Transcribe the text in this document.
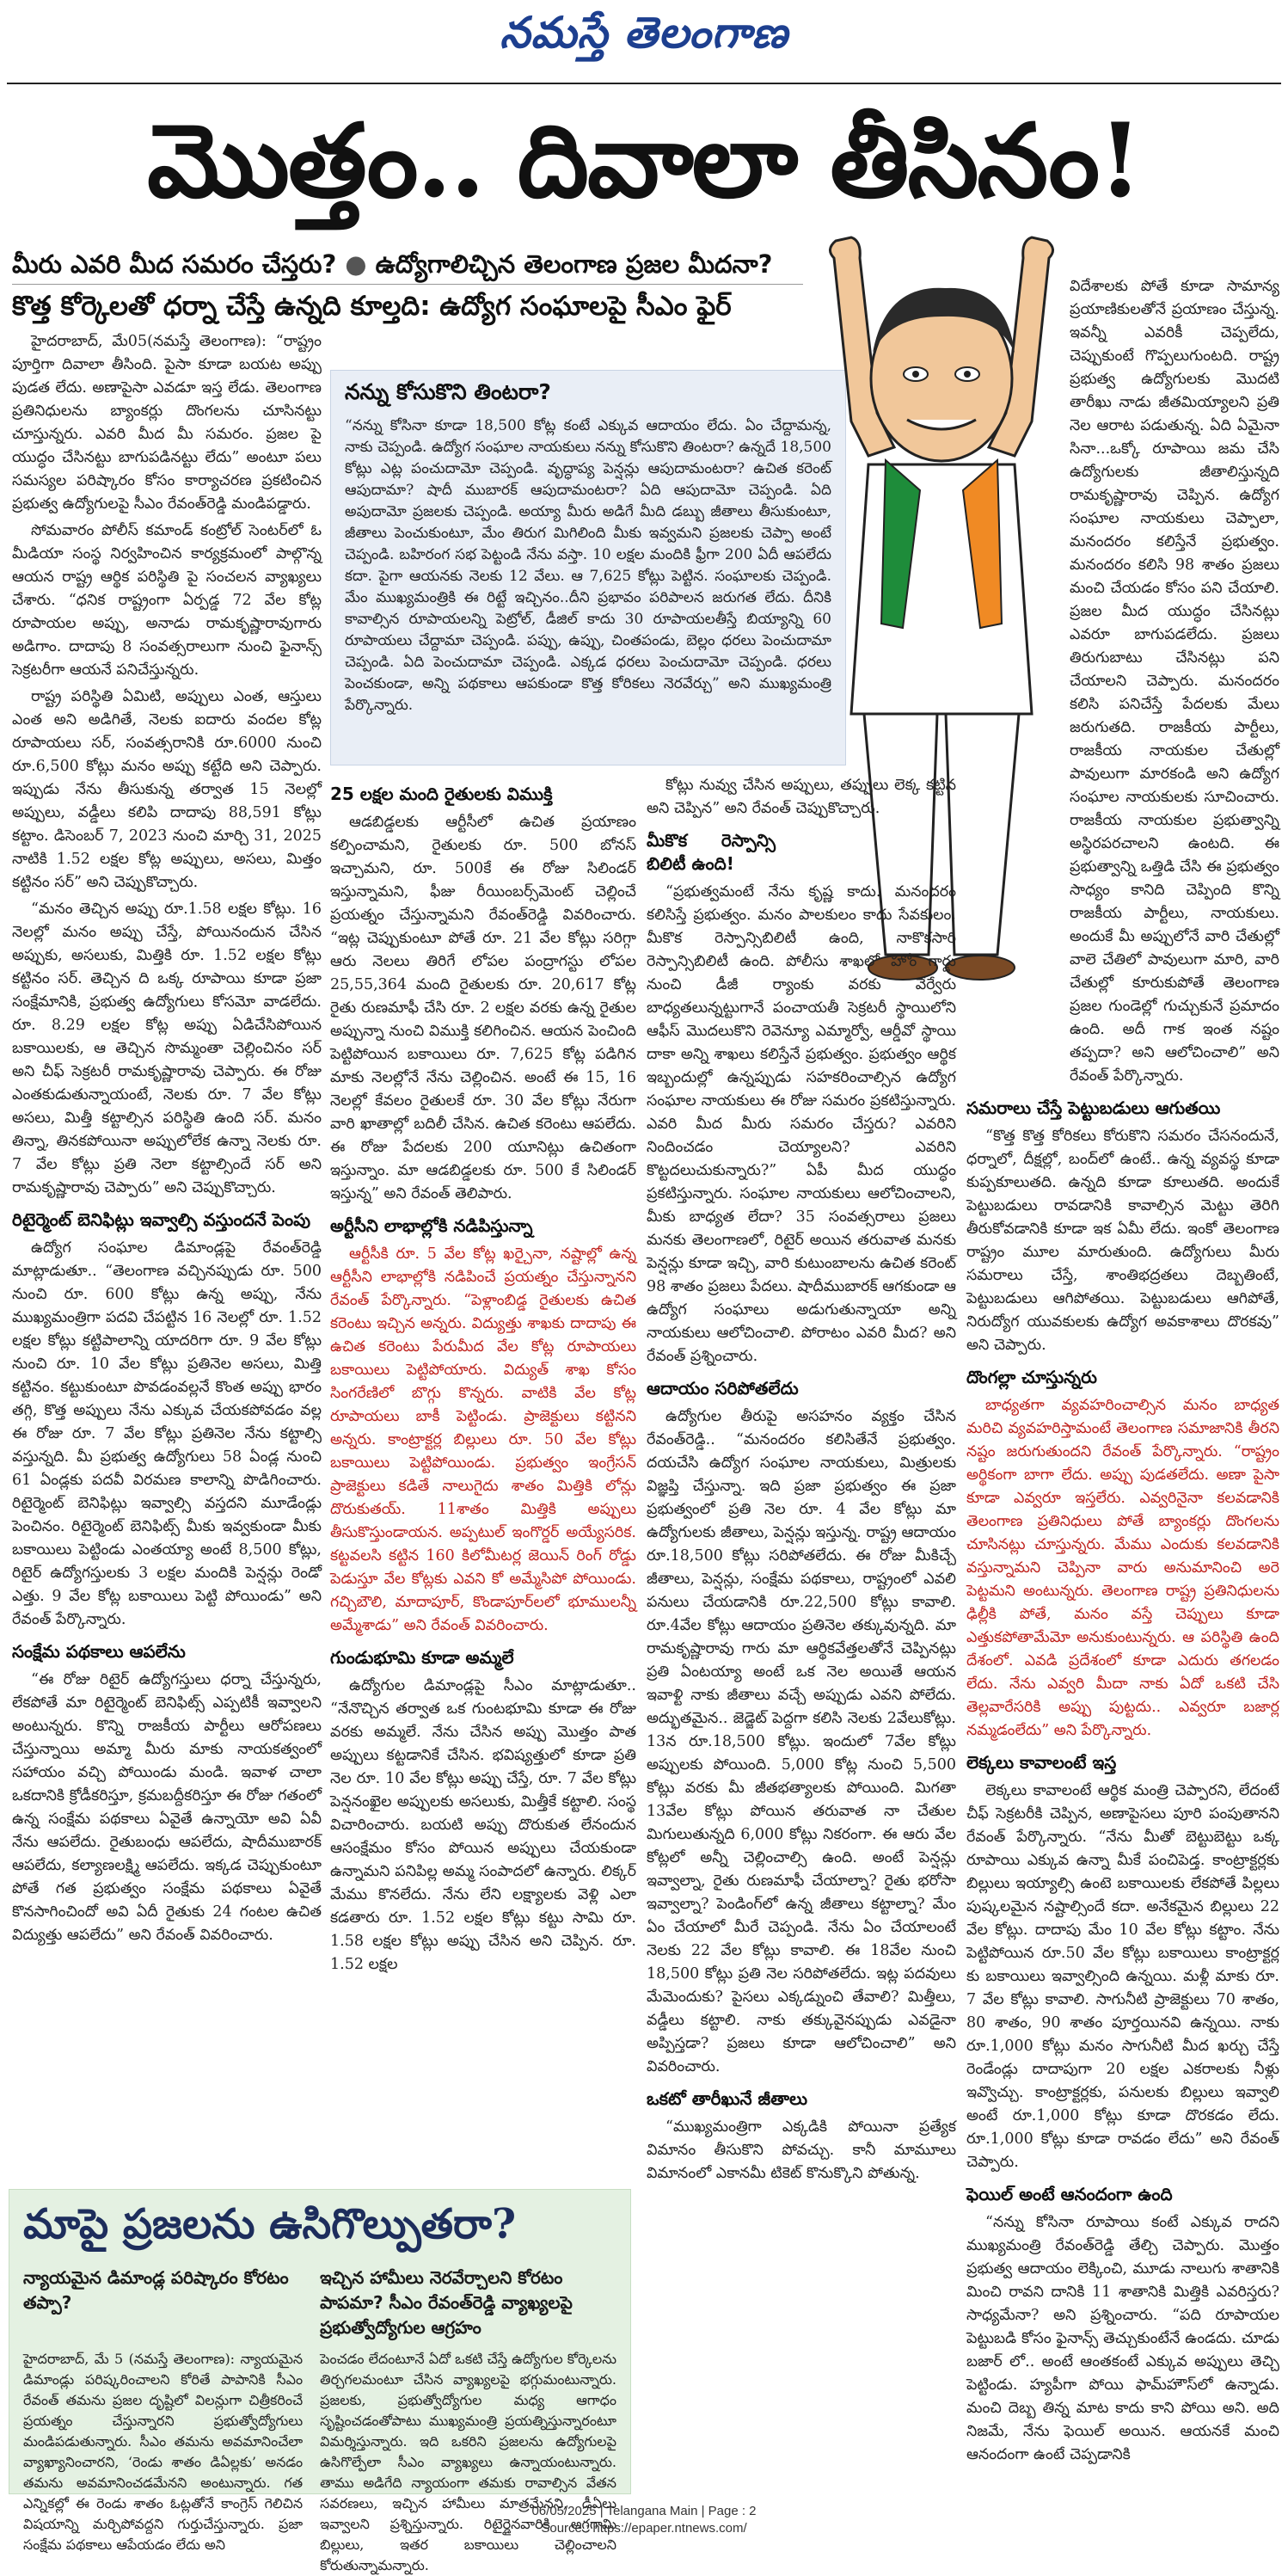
నమస్తే తెలంగాణ
మొత్తం.. దివాలా తీసినం!
మీరు ఎవరి మీద సమరం చేస్తరు? ● ఉద్యోగాలిచ్చిన తెలంగాణ ప్రజల మీదనా?
కొత్త కోర్కెలతో ధర్నా చేస్తే ఉన్నది కూల్తది: ఉద్యోగ సంఘాలపై సీఎం ఫైర్

హైదరాబాద్, మే05(నమస్తే తెలంగాణ): “రాష్ట్రం పూర్తిగా దివాలా తీసింది. పైసా కూడా బయట అప్పు పుడత లేదు. అణాపైసా ఎవడూ ఇస్త లేడు. తెలంగాణ ప్రతినిధులను బ్యాంకర్లు దొంగలను చూసినట్టు చూస్తున్నరు. ఎవరి మీద మీ సమరం. ప్రజల పై యుద్ధం చేసినట్టు బాగుపడినట్టు లేదు” అంటూ పలు సమస్యల పరిష్కారం కోసం కార్యాచరణ ప్రకటించిన ప్రభుత్వ ఉద్యోగులపై సీఎం రేవంత్‌రెడ్డి మండిపడ్డారు.

సోమవారం పోలీస్ కమాండ్ కంట్రోల్ సెంటర్‌లో ఓ మీడియా సంస్థ నిర్వహించిన కార్యక్రమంలో పాల్గొన్న ఆయన రాష్ట్ర ఆర్థిక పరిస్థితి పై సంచలన వ్యాఖ్యలు చేశారు. “ధనిక రాష్ట్రంగా ఏర్పడ్డ 72 వేల కోట్ల రూపాయల అప్పు, అనాడు రామకృష్ణారావుగారు అడిగాం. దాదాపు 8 సంవత్సరాలుగా నుంచి ఫైనాన్స్ సెక్రటరీగా ఆయనే పనిచేస్తున్నరు.

రాష్ట్ర పరిస్థితి ఏమిటి, అప్పులు ఎంత, ఆస్తులు ఎంత అని అడిగితే, నెలకు ఐదారు వందల కోట్ల రూపాయలు సర్, సంవత్సరానికి రూ.6000 నుంచి రూ.6,500 కోట్లు మనం అప్పు కట్టేది అని చెప్పారు. ఇప్పుడు నేను తీసుకున్న తర్వాత 15 నెలల్లో అప్పులు, వడ్డీలు కలిపి దాదాపు 88,591 కోట్లు కట్టాం. డిసెంబర్ 7, 2023 నుంచి మార్చి 31, 2025 నాటికి 1.52 లక్షల కోట్ల అప్పులు, అసలు, మిత్తం కట్టినం సర్” అని చెప్పుకొచ్చారు.

“మనం తెచ్చిన అప్పు రూ.1.58 లక్షల కోట్లు. 16 నెలల్లో మనం అప్పు చేస్తే, పోయినందున చేసిన అప్పుకు, అసలుకు, మిత్తికి రూ. 1.52 లక్షల కోట్లు కట్టినం సర్. తెచ్చిన ది ఒక్క రూపాయి కూడా ప్రజా సంక్షేమానికి, ప్రభుత్వ ఉద్యోగులు కోసమో వాడలేదు. రూ. 8.29 లక్షల కోట్ల అప్పు ఏడిచేసిపోయిన బకాయిలకు, ఆ తెచ్చిన సొమ్మంతా చెల్లించినం సర్ అని చీఫ్ సెక్రటరీ రామకృష్ణారావు చెప్పారు. ఈ రోజు ఎంతకుడుతున్నాయంటే, నెలకు రూ. 7 వేల కోట్లు అసలు, మిత్తీ కట్టాల్సిన పరిస్థితి ఉంది సర్. మనం తిన్నా, తినకపోయినా అప్పులోలేక ఉన్నా నెలకు రూ. 7 వేల కోట్లు ప్రతి నెలా కట్టాల్సిందే సర్ అని రామకృష్ణారావు చెప్పారు” అని చెప్పుకొచ్చారు.

రిటైర్మెంట్ బెనిఫిట్లు ఇవ్వాల్సి వస్తుందనే పెంపు

ఉద్యోగ సంఘాల డిమాండ్లపై రేవంత్‌రెడ్డి మాట్లాడుతూ.. “తెలంగాణ వచ్చినప్పుడు రూ. 500 నుంచి రూ. 600 కోట్లు ఉన్న అప్పు, నేను ముఖ్యమంత్రిగా పదవి చేపట్టిన 16 నెలల్లో రూ. 1.52 లక్షల కోట్లు కట్టిపాలాన్ని యాదరిగా రూ. 9 వేల కోట్లు నుంచి రూ. 10 వేల కోట్లు ప్రతినెల అసలు, మిత్తి కట్టినం. కట్టుకుంటూ పొవడంవల్లనే కొంత అప్పు భారం తగ్గి, కొత్త అప్పులు నేను ఎక్కువ చేయకపోవడం వల్ల ఈ రోజు రూ. 7 వేల కోట్లు ప్రతినెల నేను కట్టాల్సి వస్తున్నది. మీ ప్రభుత్వ ఉద్యోగులు 58 ఏండ్ల నుంచి 61 ఏండ్లకు పదవీ విరమణ కాలాన్ని పొడిగించారు. రిటైర్మెంట్ బెనిఫిట్లు ఇవ్వాల్సి వస్తదని మూడేండ్లు పెంచినం. రిటైర్మెంట్ బెనిఫిట్స్ మీకు ఇవ్వకుండా మీకు బకాయిలు పెట్టిండు ఎంతయ్యా అంటే 8,500 కోట్లు, రిటైర్ ఉద్యోగస్తులకు 3 లక్షల మందికి పెన్షన్లు రెండో ఎత్తు. 9 వేల కోట్ల బకాయిలు పెట్టి పోయిండు” అని రేవంత్ పేర్కొన్నారు.

సంక్షేమ పథకాలు ఆపలేను

“ఈ రోజు రిటైర్ ఉద్యోగస్తులు ధర్నా చేస్తున్నరు, లేకపోతే మా రిటైర్మెంట్ బెనిఫిట్స్ ఎప్పటికీ ఇవ్వాలని అంటున్నరు. కొన్ని రాజకీయ పార్టీలు ఆరోపణలు చేస్తున్నాయి అమ్మా మీరు మాకు నాయకత్వంలో సహాయం వచ్చి పోయిండు మండి. ఇవాళ చాలా ఒకదానికి క్రోడీకరిస్తూ, క్రమబద్దీకరిస్తూ ఈ రోజు గతంలో ఉన్న సంక్షేమ పథకాలు ఏవైతే ఉన్నాయో అవి ఏవీ నేను ఆపలేదు. రైతుబంధు ఆపలేదు, షాదీముబారక్ ఆపలేదు, కల్యాణలక్ష్మి ఆపలేదు. ఇక్కడ చెప్పుకుంటూ పోతే గత ప్రభుత్వం సంక్షేమ పథకాలు ఏవైతే కొనసాగించిందో అవి ఏదీ రైతుకు 24 గంటల ఉచిత విద్యుత్తు ఆపలేదు” అని రేవంత్ వివరించారు.

నన్ను కోసుకొని తింటరా?
“నన్ను కోసినా కూడా 18,500 కోట్ల కంటే ఎక్కువ ఆదాయం లేదు. ఏం చేద్దామన్న, నాకు చెప్పండి. ఉద్యోగ సంఘాల నాయకులు నన్ను కోసుకొని తింటరా? ఉన్నదే 18,500 కోట్లు ఎట్ల పంచుదామో చెప్పండి. వృద్ధాప్య పెన్షన్లు ఆపుదామంటరా? ఉచిత కరెంట్ ఆపుదామా? షాదీ ముబారక్ ఆపుదామంటరా? ఏది ఆపుదామో చెప్పండి. ఏది అపుదామో ప్రజలకు చెప్పండి. అయ్యా మీరు అడిగే మీది డబ్బు జీతాలు తీసుకుంటూ, జీతాలు పెంచుకుంటూ, మేం తిరుగ మిగిలింది మీకు ఇవ్వమని ప్రజలకు చెప్పా అంటే చెప్పండి. బహిరంగ సభ పెట్టండి నేను వస్తా. 10 లక్షల మందికి ఫ్రీగా 200 ఏదీ ఆపలేదు కదా. పైగా ఆయనకు నెలకు 12 వేలు. ఆ 7,625 కోట్లు పెట్టిన. సంఘాలకు చెప్పండి. మేం ముఖ్యమంత్రికి ఈ రిట్టే ఇచ్చినం..దీని ప్రభావం పరిపాలన జరుగత లేదు. దీనికి కావాల్సిన రూపాయలన్ని పెట్రోల్, డీజిల్ కాదు 30 రూపాయలతీస్తే బియ్యాన్ని 60 రూపాయలు చేద్దామా చెప్పండి. పప్పు, ఉప్పు, చింతపండు, బెల్లం ధరలు పెంచుదామా చెప్పండి. ఏది పెంచుదామా చెప్పండి. ఎక్కడ ధరలు పెంచుదామో చెప్పండి. ధరలు పెంచకుండా, అన్ని పథకాలు ఆపకుండా కొత్త కోరికలు నెరవేర్చు” అని ముఖ్యమంత్రి పేర్కొన్నారు.
25 లక్షల మంది రైతులకు విముక్తి

ఆడబిడ్డలకు ఆర్టీసీలో ఉచిత ప్రయాణం కల్పించామని, రైతులకు రూ. 500 బోనస్ ఇచ్చామని, రూ. 500కే ఈ రోజు సిలిండర్ ఇస్తున్నామని, ఫీజు రీయింబర్స్‌మెంట్ చెల్లించే ప్రయత్నం చేస్తున్నామని రేవంత్‌రెడ్డి వివరించారు. “ఇట్ల చెప్పుకుంటూ పోతే రూ. 21 వేల కోట్లు సరిగ్గా ఆరు నెలలు తిరిగే లోపల పంద్రాగస్టు లోపల 25,55,364 మంది రైతులకు రూ. 20,617 కోట్ల రైతు రుణమాఫీ చేసి రూ. 2 లక్షల వరకు ఉన్న రైతుల అప్పున్నా నుంచి విముక్తి కలిగించిన. ఆయన పెంచింది పెట్టిపోయిన బకాయిలు రూ. 7,625 కోట్ల పడిగిన మాకు నెలల్లోనే నేను చెల్లించిన. అంటే ఈ 15, 16 నెలల్లో కేవలం రైతులకే రూ. 30 వేల కోట్లు నేరుగా వారి ఖాతాల్లో బదిలీ చేసిన. ఉచిత కరెంటు ఆపలేదు. ఈ రోజు పేదలకు 200 యూనిట్లు ఉచితంగా ఇస్తున్నాం. మా ఆడబిడ్డలకు రూ. 500 కే సిలిండర్ ఇస్తున్న” అని రేవంత్ తెలిపారు.

అర్టీసీని లాభాల్లోకి నడిపిస్తున్నా

ఆర్టీసీకి రూ. 5 వేల కోట్ల ఖర్చైనా, నష్టాల్లో ఉన్న ఆర్టీసీని లాభాల్లోకి నడిపించే ప్రయత్నం చేస్తున్నానని రేవంత్ పేర్కొన్నారు. “పెళ్లాంబిడ్డ రైతులకు ఉచిత కరెంటు ఇచ్చిన అన్నరు. విద్యుత్తు శాఖకు దాదాపు ఈ ఉచిత కరెంటు పేరుమీద వేల కోట్ల రూపాయలు బకాయిలు పెట్టిపోయారు. విద్యుత్ శాఖ కోసం సింగరేణిలో బొగ్గు కొన్నరు. వాటికి వేల కోట్ల రూపాయలు బాకీ పెట్టిండు. ప్రాజెక్టులు కట్టినని అన్నరు. కాంట్రాక్టర్ల బిల్లులు రూ. 50 వేల కోట్లు బకాయిలు పెట్టిపోయిండు. ప్రభుత్వం ఇంగ్రేసన్ ప్రాజెక్టులు కడితే నాలుగైదు శాతం మిత్తికి లోన్లు దొరుకుతయ్. 11శాతం మిత్తికి అప్పులు తీసుకొస్తుండాయన. అప్పటుల్ ఇంగొర్డర్ అయ్యేసరిక. కట్టవలసి కట్టిన 160 కిలోమీటర్ల జెయిన్ రింగ్ రోడ్డు పెడుస్తూ వేల కోట్లకు ఎవని కో అమ్మేసిపో పోయిండు. గచ్చిబౌలి, మాదాపూర్, కొండాపూర్‌లలో భూములన్నీ అమ్మేశాడు” అని రేవంత్ వివరించారు.

గుండుభూమి కూడా అమ్మలే

ఉద్యోగుల డిమాండ్లపై సీఎం మాట్లాడుతూ.. “నేనొచ్చిన తర్వాత ఒక గుంటభూమి కూడా ఈ రోజు వరకు అమ్మలే. నేను చేసిన అప్పు మొత్తం పాత అప్పులు కట్టడానికే చేసిన. భవిష్యత్తులో కూడా ప్రతి నెల రూ. 10 వేల కోట్లు అప్పు చేస్తే, రూ. 7 వేల కోట్లు పెన్షనంఖైల అప్పులకు అసలుకు, మిత్తీకే కట్టాలి. సంస్థ విచారించారు. బయటి అప్పు దొరుకుత లేనందున ఆసంక్షేమం కోసం పోయిన అప్పులు చేయకుండా ఉన్నామని పనిపిల్ల అమ్మ సంపాదలో ఉన్నారు. లిక్కర్ మేము కొనలేదు. నేను లేని లక్ష్యాలకు వెళ్లి ఎలా కడతారు రూ. 1.52 లక్షల కోట్లు కట్టు సామి రూ. 1.58 లక్షల కోట్లు అప్పు చేసిన అని చెప్పిన. రూ. 1.52 లక్షల

కోట్లు నువ్వు చేసిన అప్పులు, తప్పులు లెక్క కట్టిన అని చెప్పిన” అని రేవంత్ చెప్పుకొచ్చారు.

మీకొక రెస్పాన్సి బిలిటీ ఉంది!

“ప్రభుత్వమంటే నేను కృష్ణ కాదు. మనందరం కలిసిస్తే ప్రభుత్వం. మనం పాలకులం కాదు సేవకులం, మీకొక రెస్పాన్సిబిలిటీ ఉంది, నాకొకసారి రెస్పాన్సిబిలిటీ ఉంది. పోలీసు శాఖలో హోం గార్డు నుంచి డీజీ ర్యాంకు వరకు వేర్వేరు బాధ్యతలున్నట్టుగానే పంచాయతీ సెక్రటరీ స్థాయిలోని ఆఫీస్ మొదలుకొని రెవెన్యూ ఎమ్మార్వో, ఆర్డీవో స్థాయి దాకా అన్ని శాఖలు కలిస్తేనే ప్రభుత్వం. ప్రభుత్వం ఆర్థిక ఇబ్బందుల్లో ఉన్నప్పుడు సహకరించాల్సిన ఉద్యోగ సంఘాల నాయకులు ఈ రోజు సమరం ప్రకటిస్తున్నారు. ఎవరి మీద మీరు సమరం చేస్తరు? ఎవరిని నిందించడం చెయ్యాలని? ఎవరిని కొట్టదలుచుకున్నారు?” ఏపీ మీద యుద్ధం ప్రకటిస్తున్నారు. సంఘాల నాయకులు ఆలోచించాలని, మీకు బాధ్యత లేదా? 35 సంవత్సరాలు ప్రజలు మనకు తెలంగాణలో, రిటైర్ అయిన తరువాత మనకు పెన్షన్లు కూడా ఇచ్చి, వారి కుటుంబాలను ఉచిత కరెంట్ 98 శాతం ప్రజలు పేదలు. షాదీముబారక్ ఆగకుండా ఆ ఉద్యోగ సంఘాలు అడుగుతున్నాయా అన్ని నాయకులు ఆలోచించాలి. పోరాటం ఎవరి మీద? అని రేవంత్ ప్రశ్నించారు.

ఆదాయం సరిపోతలేదు

ఉద్యోగుల తీరుపై అసహనం వ్యక్తం చేసిన రేవంత్‌రెడ్డి.. “మనందరం కలిసితేనే ప్రభుత్వం. దయచేసి ఉద్యోగ సంఘాల నాయకులు, మిత్రులకు విజ్ఞప్తి చేస్తున్నా. ఇది ప్రజా ప్రభుత్వం ఈ ప్రజా ప్రభుత్వంలో ప్రతి నెల రూ. 4 వేల కోట్లు మా ఉద్యోగులకు జీతాలు, పెన్షన్లు ఇస్తున్న. రాష్ట్ర ఆదాయం రూ.18,500 కోట్లు సరిపోతలేదు. ఈ రోజు మీకిచ్చే జీతాలు, పెన్షన్లు, సంక్షేమ పథకాలు, రాష్ట్రంలో ఎవలి పనులు చేయడానికి రూ.22,500 కోట్లు కావాలి. రూ.4వేల కోట్లు ఆదాయం ప్రతినెల తక్కువున్నది. మా రామకృష్ణారావు గారు మా ఆర్థికవేత్తలతోనే చెప్పినట్లు ప్రతి ఏంటయ్యా అంటే ఒక నెల అయితే ఆయన ఇవాళ్టి నాకు జీతాలు వచ్చే అప్పుడు ఎవని పోలేదు. అద్భుతమైన.. జెడ్జెట్ పెద్దగా కలిసి నెలకు 2వేలుకోట్లు. 13న రూ.18,500 కోట్లు. ఇందులో 7వేల కోట్లు అప్పులకు పోయింది. 5,000 కోట్ల నుంచి 5,500 కోట్లు వరకు మీ జీతభత్యాలకు పోయింది. మిగతా 13వేల కోట్లు పోయిన తరువాత నా చేతుల మిగులుతున్నది 6,000 కోట్లు నికరంగా. ఈ ఆరు వేల కోట్లలో అన్నీ చెల్లించాల్సి ఉంది. అంటే పెన్షన్లు ఇవ్వాల్నా, రైతు రుణమాఫీ చేయాల్నా? రైతు భరోసా ఇవ్వాల్నా? పెండింగ్‌లో ఉన్న జీతాలు కట్టాల్నా? మేం ఏం చేయాలో మీరే చెప్పండి. నేను ఏం చేయాలంటే నెలకు 22 వేల కోట్లు కావాలి. ఈ 18వేల నుంచి 18,500 కోట్లు ప్రతి నెల సరిపోతలేదు. ఇట్ల పదవులు మేమెందుకు? పైసలు ఎక్కడ్నుంచి తేవాలి? మిత్తీలు, వడ్డీలు కట్టాలి. నాకు తక్కువైనప్పుడు ఎవడైనా అప్పిస్తడా? ప్రజలు కూడా ఆలోచించాలి” అని వివరించారు.

ఒకటో తారీఖునే జీతాలు

“ముఖ్యమంత్రిగా ఎక్కడికి పోయినా ప్రత్యేక విమానం తీసుకొని పోవచ్చు. కానీ మామూలు విమానంలో ఎకానమీ టికెట్ కొనుక్కొని పోతున్న.

విదేశాలకు పోతే కూడా సామాన్య ప్రయాణికులతోనే ప్రయాణం చేస్తున్న. ఇవన్నీ ఎవరికీ చెప్పలేదు, చెప్పుకుంటే గొప్పలుగుంటది. రాష్ట్ర ప్రభుత్వ ఉద్యోగులకు మొదటి తారీఖు నాడు జీతమియ్యాలని ప్రతి నెల ఆరాట పడుతున్న. ఏది ఏమైనా సినా...ఒక్కో రూపాయి జమ చేసి ఉద్యోగులకు జీతాలిస్తున్నది రామకృష్ణారావు చెప్పిన. ఉద్యోగ సంఘాల నాయకులు చెప్పాలా, మనందరం కలిస్తేనే ప్రభుత్వం. మనందరం కలిసి 98 శాతం ప్రజలు మంచి చేయడం కోసం పని చేయాలి. ప్రజల మీద యుద్ధం చేసినట్లు ఎవరూ బాగుపడలేదు. ప్రజలు తిరుగుబాటు చేసినట్లు పని చేయాలని చెప్పారు. మనందరం కలిసి పనిచేస్తే పేదలకు మేలు జరుగుతది. రాజకీయ పార్టీలు, రాజకీయ నాయకుల చేతుల్లో పావులుగా మారకండి అని ఉద్యోగ సంఘాల నాయకులకు సూచించారు. రాజకీయ నాయకుల ప్రభుత్వాన్ని అస్థిరపరచాలని ఉంటది. ఈ ప్రభుత్వాన్ని ఒత్తిడి చేసి ఈ ప్రభుత్వం సాధ్యం కానిది చెప్పింది కొన్ని రాజకీయ పార్టీలు, నాయకులు. అందుకే మీ అప్పులోనే వారి చేతుల్లో వాలె చేతిలో పావులుగా మారి, వారి చేతుల్లో కూరుకుపోతే తెలంగాణ ప్రజల గుండెల్లో గుచ్చుకునే ప్రమాదం ఉంది. అదీ గాక ఇంత నష్టం తప్పదా? అని ఆలోచించాలి” అని రేవంత్ పేర్కొన్నారు.

సమరాలు చేస్తే పెట్టుబడులు ఆగుతయి

“కొత్త కొత్త కోరికలు కోరుకొని సమరం చేసనందునే, ధర్నాలో, దీక్షల్లో, బంద్‌లో ఉంటే.. ఉన్న వ్యవస్థ కూడా కుప్పకూలుతది. ఉన్నది కూడా కూలుతది. అందుకే పెట్టుబడులు రావడానికి కావాల్సిన మెట్టు తెరిగి తీరుకోవడానికి కూడా ఇక ఏమీ లేదు. ఇంకో తెలంగాణ రాష్ట్రం మూల మారుతుంది. ఉద్యోగులు మీరు సమరాలు చేస్తే, శాంతిభద్రతలు దెబ్బతింటే, పెట్టుబడులు ఆగిపోతయి. పెట్టుబడులు ఆగిపోతే, నిరుద్యోగ యువకులకు ఉద్యోగ అవకాశాలు దొరకవు” అని చెప్పారు.

దొంగల్లా చూస్తున్నరు

బాధ్యతగా వ్యవహరించాల్సిన మనం బాధ్యత మరిచి వ్యవహరిస్తామంటే తెలంగాణ సమాజానికి తీరని నష్టం జరుగుతుందని రేవంత్ పేర్కొన్నారు. “రాష్ట్రం అర్థికంగా బాగా లేదు. అప్పు పుడతలేదు. అణా పైసా కూడా ఎవ్వరూ ఇస్తలేరు. ఎవ్వరినైనా కలవడానికి తెలంగాణ ప్రతినిధులు పోతే బ్యాంకర్లు దొంగలను చూసినట్లు చూస్తున్నరు. మేము ఎందుకు కలవడానికి వస్తున్నామని చెప్పినా వారు అనుమానించి అరె పెట్టమని అంటున్నరు. తెలంగాణ రాష్ట్ర ప్రతినిధులను ఢిల్లీకి పోతే, మనం వస్తే చెప్పులు కూడా ఎత్తుకపోతామేమో అనుకుంటున్నరు. ఆ పరిస్థితి ఉంది దేశంలో. ఎవడి ప్రదేశంలో కూడా ఎదురు తగలడం లేదు. నేను ఎవ్వరి మీదా నాకు ఏదో ఒకటి చేసి తెల్లవారేసరికి అప్పు పుట్టదు.. ఎవ్వరూ బజార్ల నమ్మడంలేదు” అని పేర్కొన్నారు.

లెక్కలు కావాలంటే ఇస్త

లెక్కలు కావాలంటే ఆర్థిక మంత్రి చెప్పారని, లేదంటే చీఫ్ సెక్రటరీకి చెప్పిన, అణాపైసలు పూరి పంపుతానని రేవంత్ పేర్కొన్నారు. “నేను మీతో బెట్టుబెట్టు ఒక్క రూపాయి ఎక్కువ ఉన్నా మీకే పంచిపెడ్త. కాంట్రాక్టర్లకు బిల్లులు ఇయ్యాల్సి ఉంటె బకాయిలకు లేకపోతే పిల్లలు పుష్కలమైన నష్టాల్సిందే కదా. అనేకమైన బిల్లులు 22 వేల కోట్లు. దాదాపు మేం 10 వేల కోట్లు కట్టాం. నేను పెట్టిపోయిన రూ.50 వేల కోట్లు బకాయిలు కాంట్రాక్టర్ల కు బకాయిలు ఇవ్వాల్సింది ఉన్నయి. మళ్లీ మాకు రూ. 7 వేల కోట్లు కావాలి. సాగునీటి ప్రాజెక్టులు 70 శాతం, 80 శాతం, 90 శాతం పూర్తయినవి ఉన్నయి. నాకు రూ.1,000 కోట్లు మనం సాగునీటి మీద ఖర్చు చేస్తే రెండేండ్లు దాదాపుగా 20 లక్షల ఎకరాలకు నీళ్లు ఇవ్వొచ్చు. కాంట్రాక్టర్లకు, పనులకు బిల్లులు ఇవ్వాలి అంటే రూ.1,000 కోట్లు కూడా దొరకడం లేదు. రూ.1,000 కోట్లు కూడా రావడం లేదు” అని రేవంత్ చెప్పారు.

ఫెయిల్ అంటే ఆనందంగా ఉంది

“నన్ను కోసినా రూపాయి కంటే ఎక్కువ రాదని ముఖ్యమంత్రి రేవంత్‌రెడ్డి తేల్చి చెప్పారు. మొత్తం ప్రభుత్వ ఆదాయం లెక్కించి, మూడు నాలుగు శాతానికి మించి రావని దానికి 11 శాతానికి మిత్తికి ఎవరిస్తరు? సాధ్యమేనా? అని ప్రశ్నించారు. “పది రూపాయల పెట్టుబడి కోసం ఫైనాన్స్ తెచ్చుకుంటేనే ఉండదు. చూడు బజార్ లో.. అంటే ఆంతకంటే ఎక్కువ అప్పులు తెచ్చి పెట్టిండు. హ్యపీగా పోయి ఫామ్‌హౌస్‌లో ఉన్నాడు. మంచి దెబ్బ తిన్న మాట కాదు కాని పోయి అని. అది నిజమే, నేను ఫెయిల్ అయిన. ఆయనకే మంచి ఆనందంగా ఉంటే చెప్పడానికి

మాపై ప్రజలను ఉసిగొల్పుతరా?
న్యాయమైన డిమాండ్ల పరిష్కారం కోరటం తప్పా?
ఇచ్చిన హామీలు నెరవేర్చాలని కోరటం పాపమా? సీఎం రేవంత్‌రెడ్డి వ్యాఖ్యలపై ప్రభుత్వోద్యోగుల ఆగ్రహం
హైదరాబాద్, మే 5 (నమస్తే తెలంగాణ): న్యాయమైన డిమాండ్లు పరిష్కరించాలని కోరితే పాపానికి సీఎం రేవంత్ తమను ప్రజల దృష్టిలో విలన్లుగా చిత్రీకరించే ప్రయత్నం చేస్తున్నారని ప్రభుత్వోద్యోగులు మండిపడుతున్నారు. సీఎం తమను అవమానించేలా వ్యాఖ్యానించారని, ‘రెండు శాతం డిఏల్లకు’ అనడం తమను అవమానించడమేనని అంటున్నారు. గత ఎన్నికల్లో ఈ రెండు శాతం ఓట్లతోనే కాంగ్రెస్ గెలిచిన విషయాన్ని మర్చిపోవద్దని గుర్తుచేస్తున్నారు. ప్రజా సంక్షేమ పథకాలు ఆపేయడం లేదు అని
పెంచడం లేదంటూనే ఏదో ఒకటి చేస్తే ఉద్యోగుల కోర్కెలను తిర్చగలమంటూ చేసిన వ్యాఖ్యలపై భగ్గుమంటున్నారు. ప్రజలకు, ప్రభుత్వోద్యోగుల మధ్య ఆగాధం సృష్టించడంతోపాటు ముఖ్యమంత్రి ప్రయత్నిస్తున్నారంటూ విమర్శిస్తున్నారు. ఇది ఒకరిని ప్రజలను ఉద్యోగులపై ఉసిగొల్పేలా సీఎం వ్యాఖ్యలు ఉన్నాయంటున్నారు. తాము అడిగేది న్యాయంగా తమకు రావాల్సిన వేతన సవరణలు, ఇచ్చిన హామీలు మాత్రమేనని, డీఏలు ఇవ్వాలని ప్రశ్నిస్తున్నారు. రిటైర్డైనవారికి అగ్రగామి బిల్లులు, ఇతర బకాయిలు చెల్లించాలని కోరుతున్నామన్నారు.
06/05/2025 | Telangana Main | Page : 2
Source : https://epaper.ntnews.com/
